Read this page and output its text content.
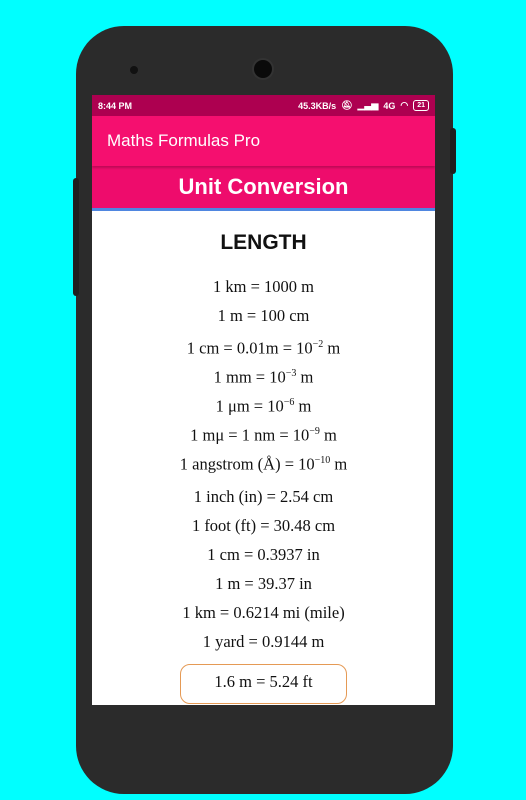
8:44 PM	45.3KB/s 🔕︎ ▁▃▅ 4G ◠	21
Maths Formulas Pro
Unit Conversion
LENGTH
1 km = 1000 m
1 m = 100 cm
1 cm = $0.01m = 10^{-2}$ m
1 mm = $10^{-3}$ m
1 $\mu m = 10^{-6}$ m
1 mμ = 1 nm = $10^{-9}$ m
1 angstrom (Å) = $10^{-10}$ m
1 inch (in) = 2.54 cm
1 foot (ft) = 30.48 cm
1 cm = 0.3937 in
1 m = 39.37 in
1 km = 0.6214 mi (mile)
1 yard = 0.9144 m
1.6 m = 5.24 ft
